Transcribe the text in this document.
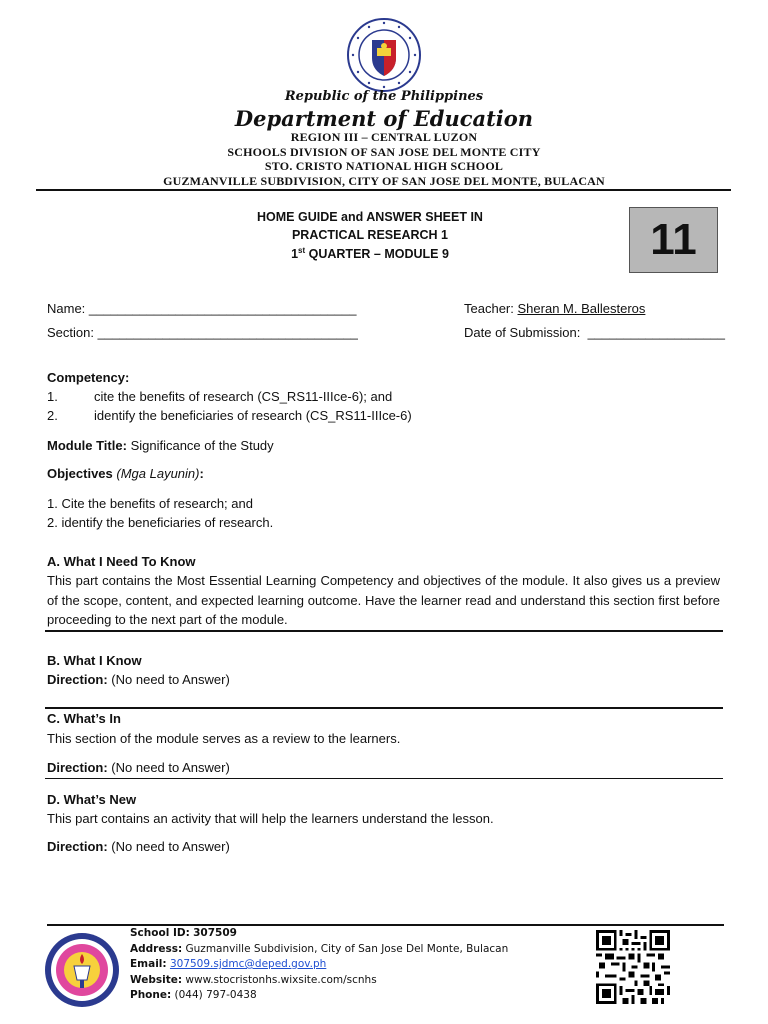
Republic of the Philippines
Department of Education
REGION III – CENTRAL LUZON
SCHOOLS DIVISION OF SAN JOSE DEL MONTE CITY
STO. CRISTO NATIONAL HIGH SCHOOL
GUZMANVILLE SUBDIVISION, CITY OF SAN JOSE DEL MONTE, BULACAN
HOME GUIDE and ANSWER SHEET IN
PRACTICAL RESEARCH 1
1st QUARTER – MODULE 9	11
Name: _____________________________________
Section: ____________________________________
Teacher: Sheran M. Ballesteros
Date of Submission: ___________________
Competency:
1.	cite the benefits of research (CS_RS11-IIIce-6); and
2.	identify the beneficiaries of research (CS_RS11-IIIce-6)
Module Title: Significance of the Study
Objectives (Mga Layunin):
1. Cite the benefits of research; and
2. identify the beneficiaries of research.
A. What I Need To Know
This part contains the Most Essential Learning Competency and objectives of the module. It also gives us a preview of the scope, content, and expected learning outcome. Have the learner read and understand this section first before proceeding to the next part of the module.
B. What I Know
Direction: (No need to Answer)
C. What’s In
This section of the module serves as a review to the learners.
Direction: (No need to Answer)
D. What’s New
This part contains an activity that will help the learners understand the lesson.
Direction: (No need to Answer)
School ID: 307509
Address: Guzmanville Subdivision, City of San Jose Del Monte, Bulacan
Email: 307509.sjdmc@deped.gov.ph
Website: www.stocristonhs.wixsite.com/scnhs
Phone: (044) 797-0438
